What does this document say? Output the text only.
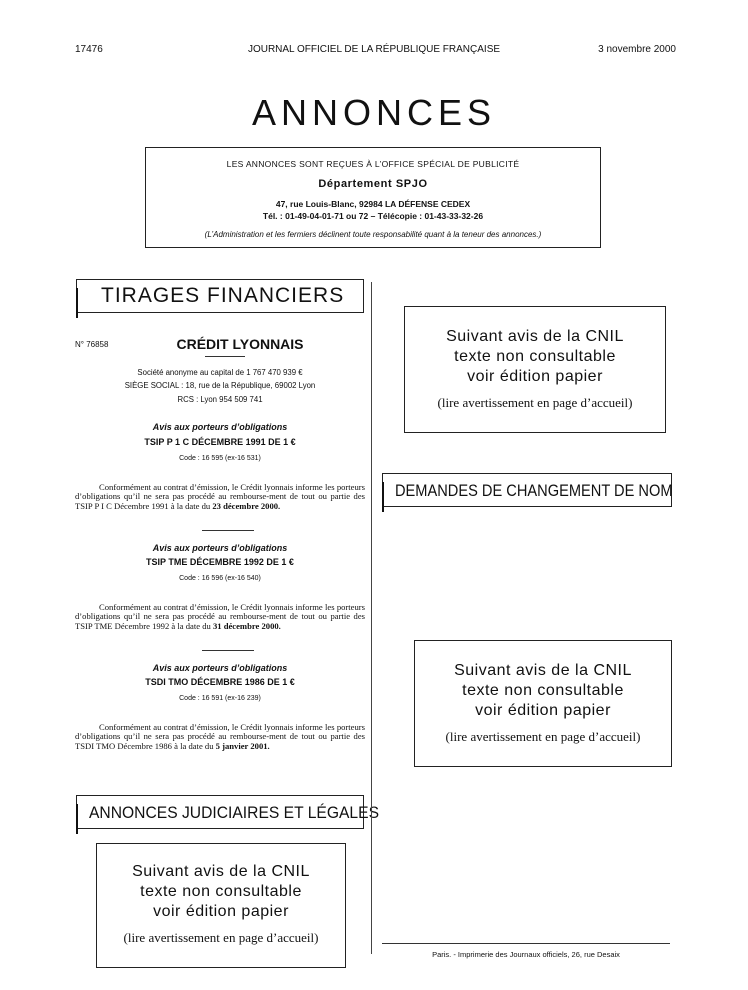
17476	JOURNAL OFFICIEL DE LA RÉPUBLIQUE FRANÇAISE	3 novembre 2000
ANNONCES
LES ANNONCES SONT REÇUES À L’OFFICE SPÉCIAL DE PUBLICITÉ
Département SPJO
47, rue Louis-Blanc, 92984 LA DÉFENSE CEDEX
Tél. : 01-49-04-01-71 ou 72 – Télécopie : 01-43-33-32-26
(L’Administration et les fermiers déclinent toute responsabilité quant à la teneur des annonces.)
TIRAGES FINANCIERS
N° 76858	CRÉDIT LYONNAIS
Société anonyme au capital de 1 767 470 939 €
SIÈGE SOCIAL : 18, rue de la République, 69002 Lyon
RCS : Lyon 954 509 741
Avis aux porteurs d’obligations
TSIP P 1 C DÉCEMBRE 1991 DE 1 €
Code : 16 595 (ex-16 531)
Conformément au contrat d’émission, le Crédit lyonnais informe les porteurs d’obligations qu’il ne sera pas procédé au rembourse-ment de tout ou partie des TSIP P I C Décembre 1991 à la date du 23 décembre 2000.
Avis aux porteurs d’obligations
TSIP TME DÉCEMBRE 1992 DE 1 €
Code : 16 596 (ex-16 540)
Conformément au contrat d’émission, le Crédit lyonnais informe les porteurs d’obligations qu’il ne sera pas procédé au rembourse-ment de tout ou partie des TSIP TME Décembre 1992 à la date du 31 décembre 2000.
Avis aux porteurs d’obligations
TSDI TMO DÉCEMBRE 1986 DE 1 €
Code : 16 591 (ex-16 239)
Conformément au contrat d’émission, le Crédit lyonnais informe les porteurs d’obligations qu’il ne sera pas procédé au rembourse-ment de tout ou partie des TSDI TMO Décembre 1986 à la date du 5 janvier 2001.
ANNONCES JUDICIAIRES ET LÉGALES
Suivant avis de la CNIL
texte non consultable
voir édition papier
(lire avertissement en page d’accueil)
Suivant avis de la CNIL
texte non consultable
voir édition papier
(lire avertissement en page d’accueil)
DEMANDES DE CHANGEMENT DE NOM
Suivant avis de la CNIL
texte non consultable
voir édition papier
(lire avertissement en page d’accueil)
Paris. - Imprimerie des Journaux officiels, 26, rue Desaix
